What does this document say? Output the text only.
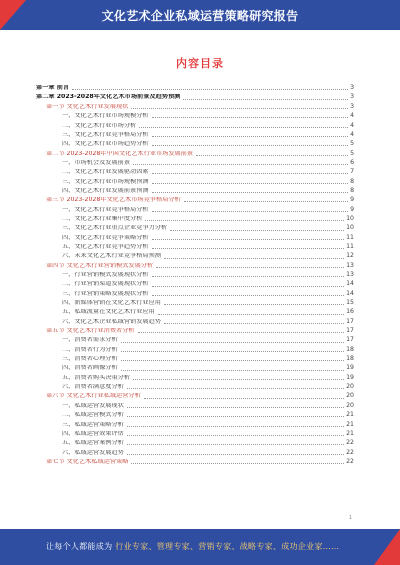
文化艺术企业私域运营策略研究报告
内容目录
第一章 前言	3
第二章 2023-2028年文化艺术市场前景及趋势预测	3
第一节 文化艺术行业发展现状	3
一、文化艺术行业市场规模分析	4
二、文化艺术行业市场分析	4
三、文化艺术行业竞争格局分析	4
四、文化艺术行业市场趋势分析	5
第二节 2023-2028年中国文化艺术行业市场发展前景	5
一、市场机会及发展前景	6
二、文化艺术行业发展驱动因素	7
三、文化艺术行业市场规模预测	8
四、文化艺术行业发展前景预测	8
第三节 2023-2028年文化艺术市场竞争格局分析	9
一、文化艺术行业竞争格局分析	9
二、文化艺术行业集中度分析	10
三、文化艺术行业重点企业竞争力分析	10
四、文化艺术行业竞争策略分析	11
五、文化艺术行业竞争趋势分析	11
六、未来文化艺术行业竞争格局预测	12
第四节 文化艺术行业营销模式发展分析	13
一、行业营销模式发展现状分析	13
二、行业营销渠道发展现状分析	14
三、行业营销策略发展现状分析	14
四、新媒体营销在文化艺术行业应用	15
五、私域流量在文化艺术行业应用	16
六、文化艺术企业私域营销发展趋势	17
第五节 文化艺术行业消费者分析	17
一、消费者需求分析	17
二、消费者行为分析	18
三、消费者心理分析	18
四、消费者画像分析	19
五、消费者购买决策分析	19
六、消费者满意度分析	20
第六节 文化艺术行业私域运营分析	20
一、私域运营发展现状	20
二、私域运营模式分析	21
三、私域运营策略分析	21
四、私域运营效果评估	21
五、私域运营案例分析	22
六、私域运营发展趋势	22
第七节 文化艺术私域运营策略	22
1
让每个人都能成为 行业专家、管理专家、营销专家、战略专家、成功企业家……
